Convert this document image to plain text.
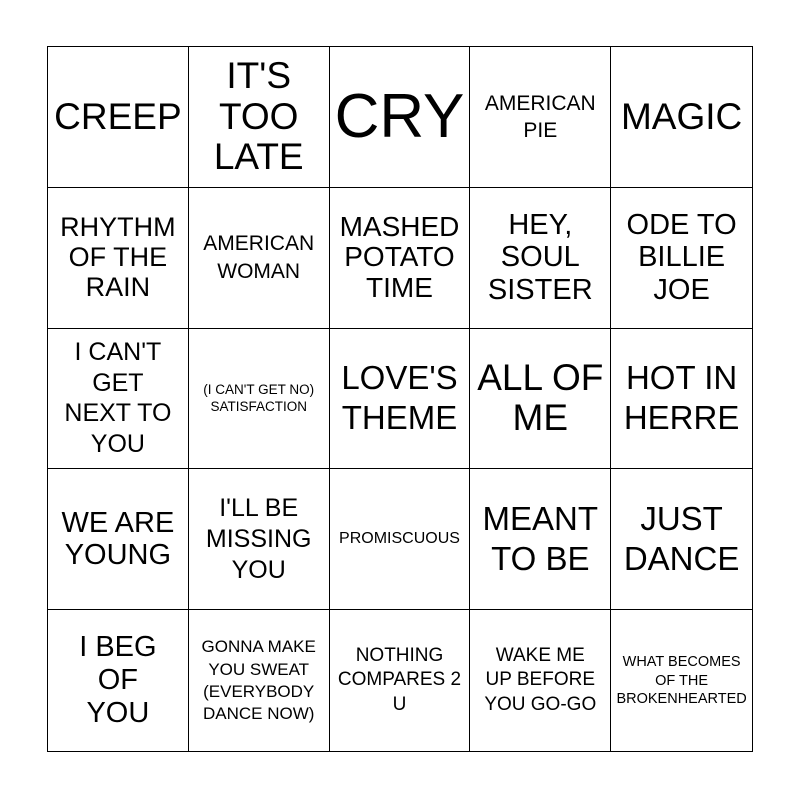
CREEP
IT'S TOO LATE
CRY AMERICAN PIE	MAGIC
RHYTHM OF THE RAIN
AMERICAN WOMAN
MASHED POTATO TIME
HEY, SOUL SISTER
ODE TO BILLIE JOE
I CAN'T GET NEXT TO YOU
(I CAN'T GET NO) SATISFACTION
LOVE'S THEME
ALL OF ME
HOT IN HERRE
WE ARE YOUNG
I'LL BE MISSING YOU
PROMISCUOUS
MEANT TO BE
JUST DANCE
I BEG OF YOU
GONNA MAKE YOU SWEAT (EVERYBODY DANCE NOW)
NOTHING COMPARES 2 U
WAKE ME UP BEFORE YOU GO-GO
WHAT BECOMES OF THE BROKENHEARTED
